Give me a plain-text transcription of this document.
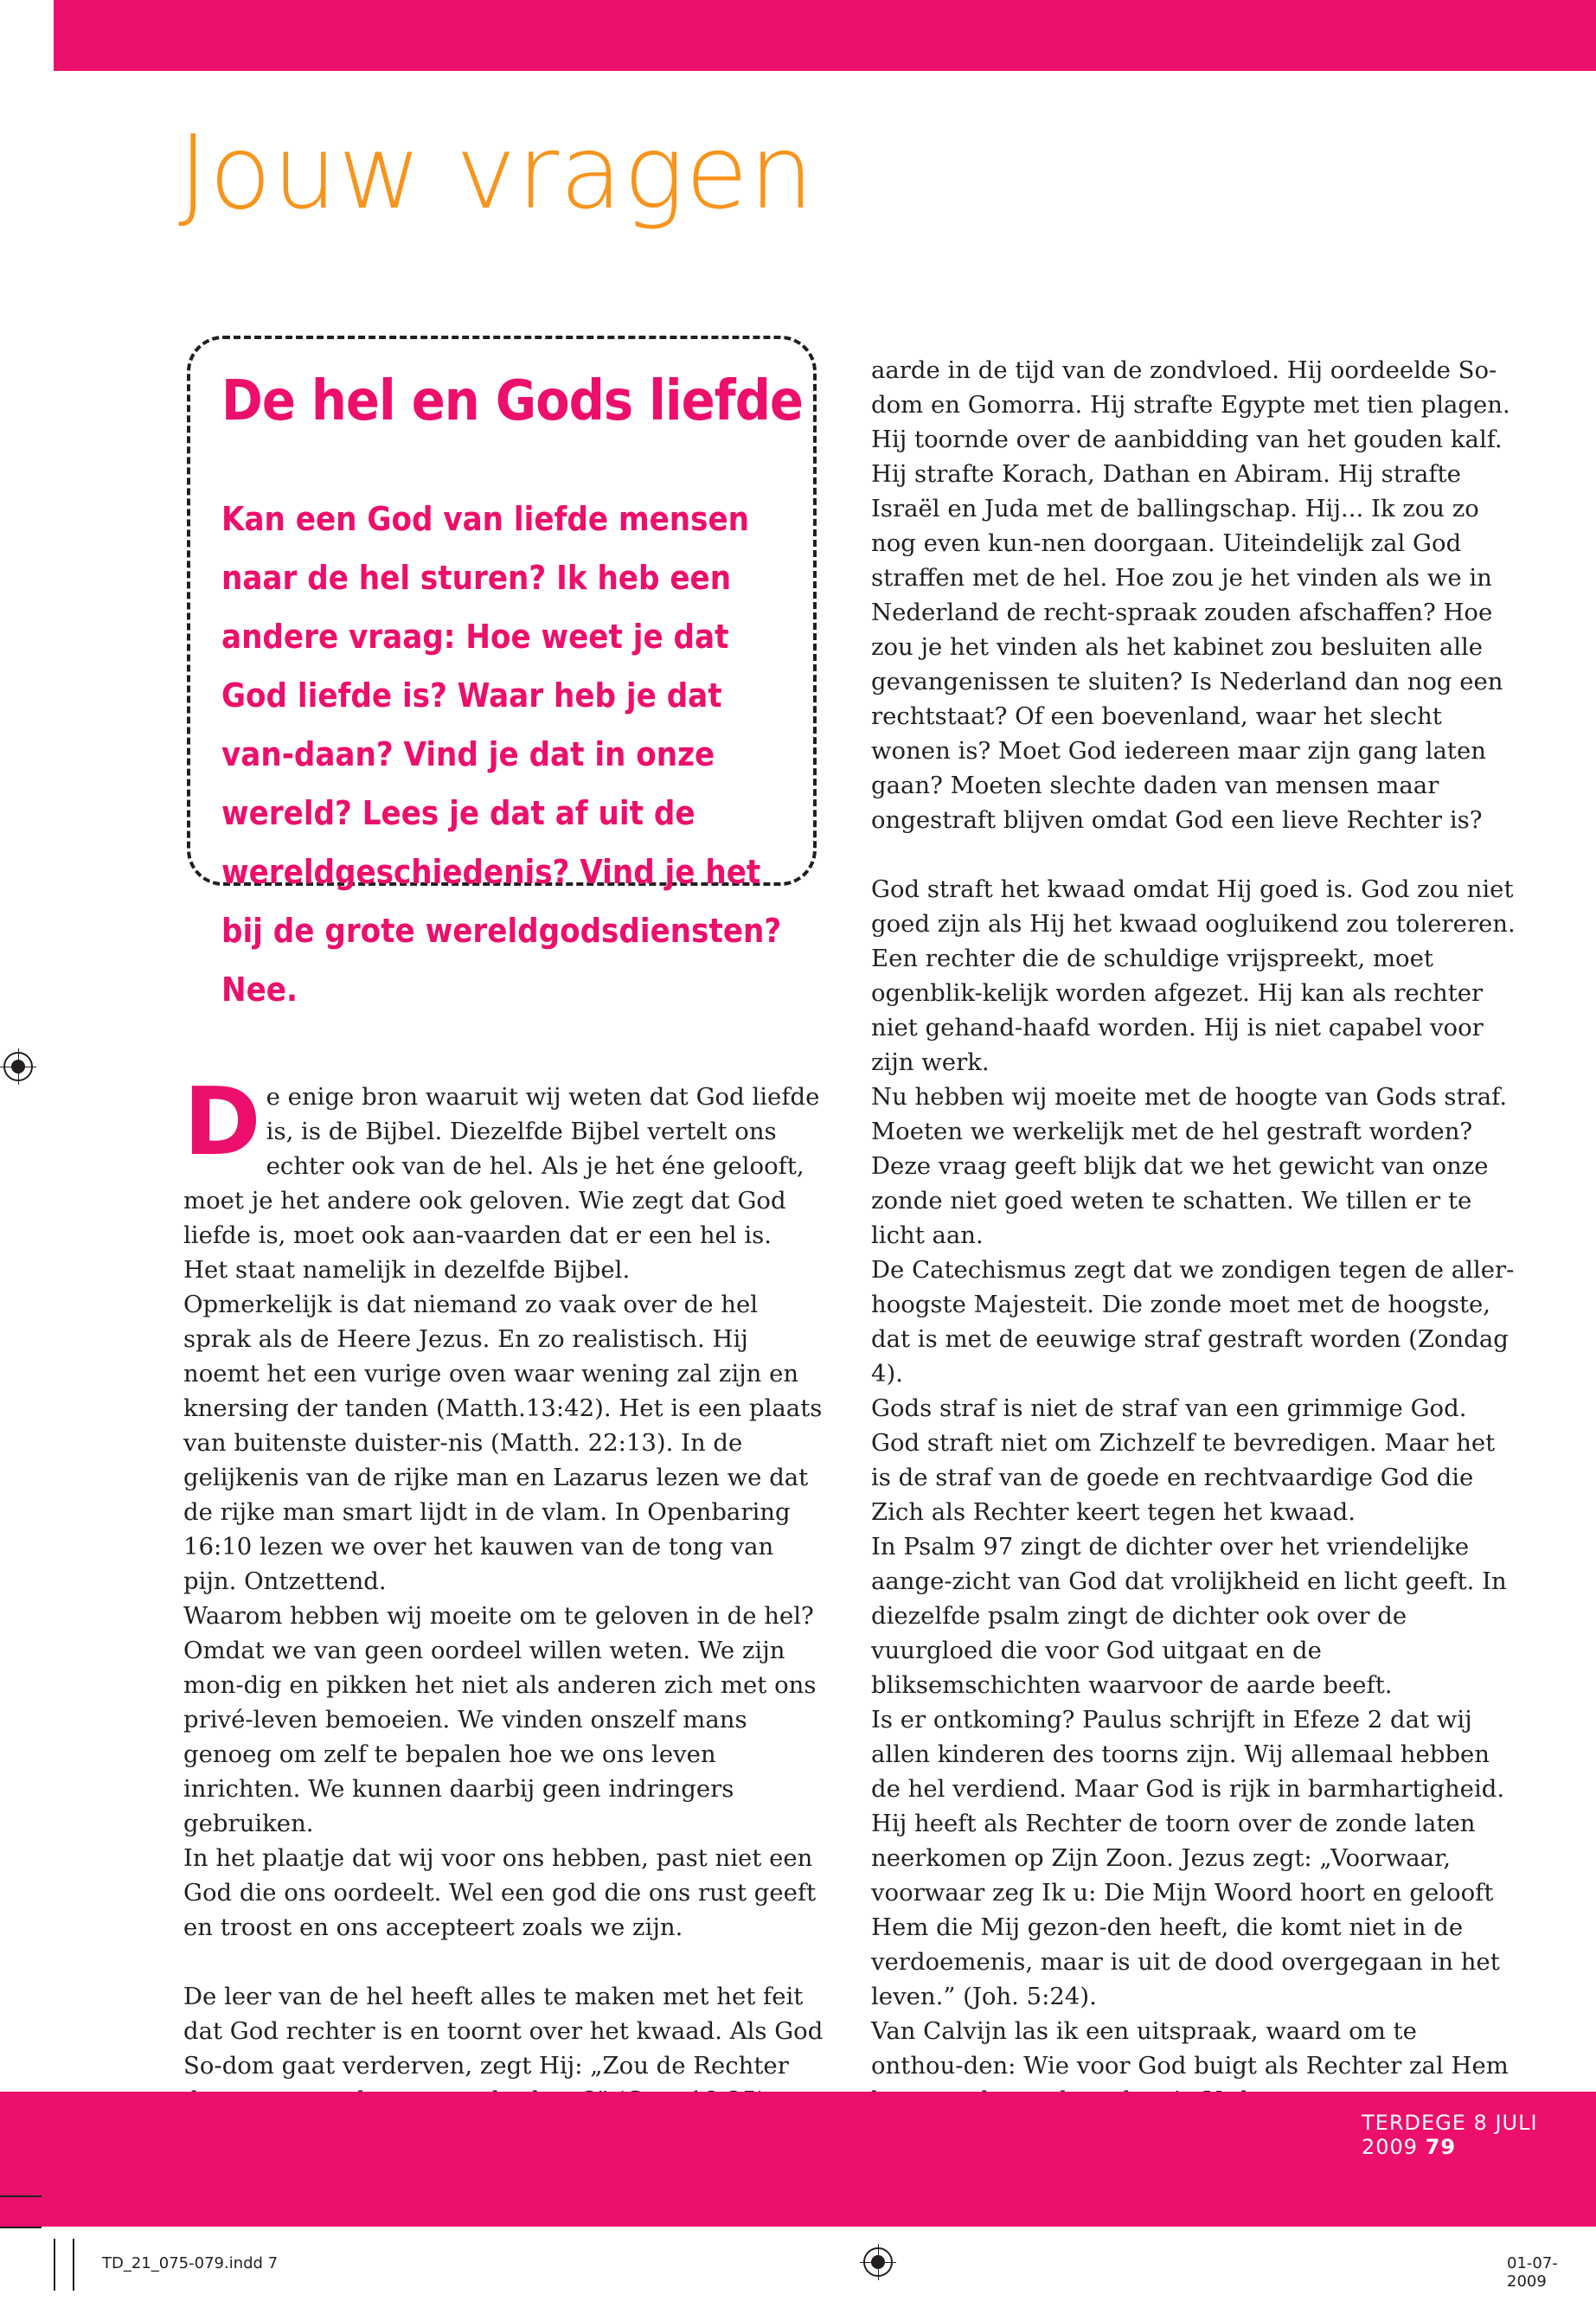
Jouw vragen
De hel en Gods liefde

Kan een God van liefde mensen naar de hel sturen? Ik heb een andere vraag: Hoe weet je dat God liefde is? Waar heb je dat van-daan? Vind je dat in onze wereld? Lees je dat af uit de wereldgeschiedenis? Vind je het bij de grote wereldgodsdiensten? Nee.

De enige bron waaruit wij weten dat God liefde is, is de Bijbel. Diezelfde Bijbel vertelt ons echter ook van de hel. Als je het éne gelooft, moet je het andere ook geloven. Wie zegt dat God liefde is, moet ook aan-vaarden dat er een hel is. Het staat namelijk in dezelfde Bijbel.

Opmerkelijk is dat niemand zo vaak over de hel sprak als de Heere Jezus. En zo realistisch. Hij noemt het een vurige oven waar wening zal zijn en knersing der tanden (Matth.13:42). Het is een plaats van buitenste duister-nis (Matth. 22:13). In de gelijkenis van de rijke man en Lazarus lezen we dat de rijke man smart lijdt in de vlam. In Openbaring 16:10 lezen we over het kauwen van de tong van pijn. Ontzettend.

Waarom hebben wij moeite om te geloven in de hel? Omdat we van geen oordeel willen weten. We zijn mon-dig en pikken het niet als anderen zich met ons privé-leven bemoeien. We vinden onszelf mans genoeg om zelf te bepalen hoe we ons leven inrichten. We kunnen daarbij geen indringers gebruiken.

In het plaatje dat wij voor ons hebben, past niet een God die ons oordeelt. Wel een god die ons rust geeft en troost en ons accepteert zoals we zijn.

De leer van de hel heeft alles te maken met het feit dat God rechter is en toornt over het kwaad. Als God So-dom gaat verderven, zegt Hij: „Zou de Rechter

aarde in de tijd van de zondvloed. Hij oordeelde So-dom en Gomorra. Hij strafte Egypte met tien plagen. Hij toornde over de aanbidding van het gouden kalf. Hij strafte Korach, Dathan en Abiram. Hij strafte Israël en Juda met de ballingschap. Hij... Ik zou zo nog even kun-nen doorgaan. Uiteindelijk zal God straffen met de hel. Hoe zou je het vinden als we in Nederland de recht-spraak zouden afschaffen? Hoe zou je het vinden als het kabinet zou besluiten alle gevangenissen te sluiten? Is Nederland dan nog een rechtstaat? Of een boevenland, waar het slecht wonen is? Moet God iedereen maar zijn gang laten gaan? Moeten slechte daden van mensen maar ongestraft blijven omdat God een lieve Rechter is?

God straft het kwaad omdat Hij goed is. God zou niet goed zijn als Hij het kwaad oogluikend zou tolereren. Een rechter die de schuldige vrijspreekt, moet ogenblik-kelijk worden afgezet. Hij kan als rechter niet gehand-haafd worden. Hij is niet capabel voor zijn werk.

Nu hebben wij moeite met de hoogte van Gods straf. Moeten we werkelijk met de hel gestraft worden? Deze vraag geeft blijk dat we het gewicht van onze zonde niet goed weten te schatten. We tillen er te licht aan.

De Catechismus zegt dat we zondigen tegen de aller-hoogste Majesteit. Die zonde moet met de hoogste, dat is met de eeuwige straf gestraft worden (Zondag 4).

Gods straf is niet de straf van een grimmige God. God straft niet om Zichzelf te bevredigen. Maar het is de straf van de goede en rechtvaardige God die Zich als Rechter keert tegen het kwaad.

In Psalm 97 zingt de dichter over het vriendelijke aange-zicht van God dat vrolijkheid en licht geeft. In diezelfde psalm zingt de dichter ook over de vuurgloed die voor God uitgaat en de bliksemschichten waarvoor de aarde beeft.

Is er ontkoming? Paulus schrijft in Efeze 2 dat wij allen kinderen des toorns zijn. Wij allemaal hebben de hel verdiend. Maar God is rijk in barmhartigheid. Hij heeft als Rechter de toorn over de zonde laten neerkomen op Zijn Zoon. Jezus zegt: „Voorwaar, voorwaar zeg Ik u: Die Mijn Woord hoort en gelooft Hem die Mij gezon-den heeft, die komt niet in de verdoemenis, maar is uit de dood overgegaan in het leven.” (Joh. 5:24).

Van Calvijn las ik een uitspraak, waard om te onthou-den: Wie voor God buigt als Rechter zal Hem

TERDEGE 8 JULI 2009 79
TD_21_075-079.indd 7	01-07-2009
